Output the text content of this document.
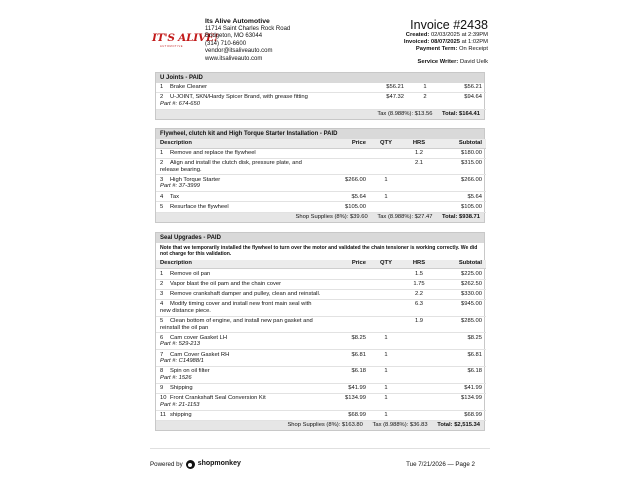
IT'S ALIVE!
AUTOMOTIVE
Its Alive Automotive
11714 Saint Charles Rock Road
Bridgeton, MO 63044
(314) 710-6600
vendor@itsaliveauto.com
www.itsaliveauto.com
Invoice #2438
Created: 02/03/2025 at 2:39PM
Invoiced: 08/07/2025 at 1:02PM
Payment Term: On Receipt
Service Writer: David Uelk
U Joints - PAID
1 Brake Cleaner	$56.21	1	$56.21
2 U-JOINT, SKN/Hardy Spicer Brand, with grease fitting
Part #: 674-650	$47.32	2	$94.64
Tax (8.988%): $13.56 Total: $164.41
Flywheel, clutch kit and High Torque Starter Installation - PAID
Description	Price	QTY	HRS	Subtotal
1 Remove and replace the flywheel			1.2	$180.00
2 Align and install the clutch disk, pressure plate, and release bearing.			2.1	$315.00
3 High Torque Starter
Part #: 37-3999	$266.00	1		$266.00
4 Tax	$5.64	1		$5.64
5 Resurface the flywheel	$105.00			$105.00
Shop Supplies (8%): $39.60 Tax (8.988%): $27.47 Total: $938.71
Seal Upgrades - PAID
Note that we temporarily installed the flywheel to turn over the motor and validated the chain tensioner is working correctly. We did not charge for this validation.
Description	Price	QTY	HRS	Subtotal
1 Remove oil pan			1.5	$225.00
2 Vapor blast the oil pam and the chain cover			1.75	$262.50
3 Remove crankshaft damper and pulley, clean and reinstall.			2.2	$330.00
4 Modify timing cover and install new front main seal with new distance piece.			6.3	$945.00
5 Clean bottom of engine, and install new pan gasket and reinstall the oil pan			1.9	$285.00
6 Cam cover Gasket LH
Part #: 529-213	$8.25	1		$8.25
7 Cam Cover Gasket RH
Part #: C14988/1	$6.81	1		$6.81
8 Spin on oil filter
Part #: 1526	$6.18	1		$6.18
9 Shipping	$41.99	1		$41.99
10 Front Crankshaft Seal Conversion Kit
Part #: 21-1153	$134.99	1		$134.99
11 shipping	$68.99	1		$68.99
Shop Supplies (8%): $163.80 Tax (8.988%): $36.83 Total: $2,515.34
Powered by shopmonkey	Tue 7/21/2026 — Page 2
